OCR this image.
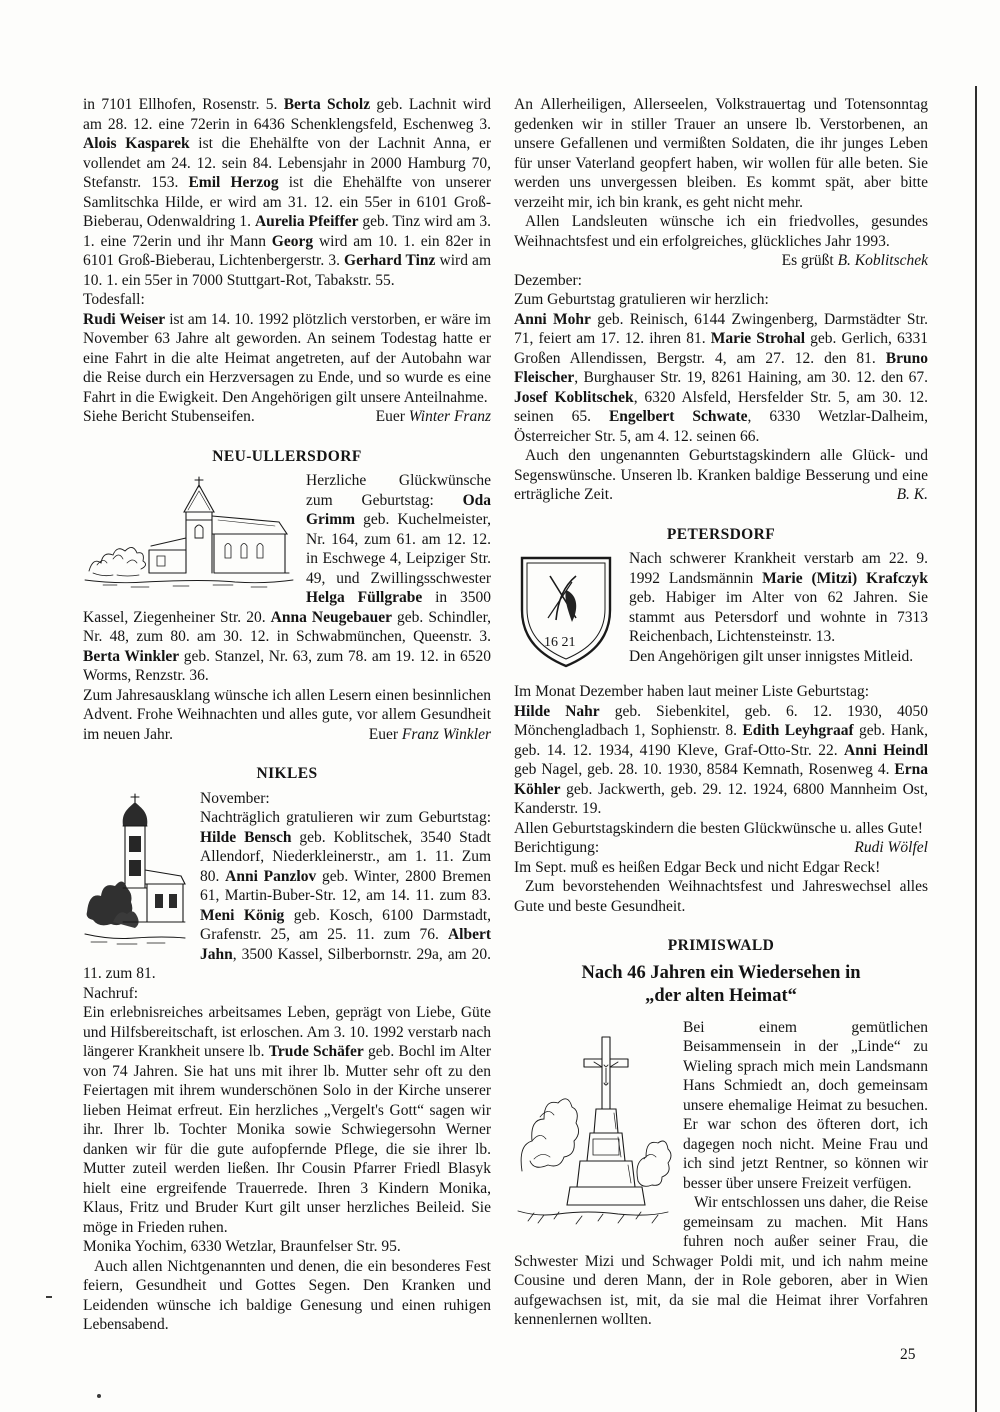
in 7101 Ellhofen, Rosenstr. 5. Berta Scholz geb. Lachnit wird am 28. 12. eine 72erin in 6436 Schenklengsfeld, Eschenweg 3. Alois Kasparek ist die Ehehälfte von der Lachnit Anna, er vollendet am 24. 12. sein 84. Lebensjahr in 2000 Hamburg 70, Stefanstr. 153. Emil Herzog ist die Ehehälfte von unserer Samlitschka Hilde, er wird am 31. 12. ein 55er in 6101 Groß-Bieberau, Odenwaldring 1. Aurelia Pfeiffer geb. Tinz wird am 3. 1. eine 72erin und ihr Mann Georg wird am 10. 1. ein 82er in 6101 Groß-Bieberau, Lichtenbergerstr. 3. Gerhard Tinz wird am 10. 1. ein 55er in 7000 Stuttgart-Rot, Tabakstr. 55.

Todesfall:

Rudi Weiser ist am 14. 10. 1992 plötzlich verstorben, er wäre im November 63 Jahre alt geworden. An seinem Todestag hatte er eine Fahrt in die alte Heimat angetreten, auf der Autobahn war die Reise durch ein Herzversagen zu Ende, und so wurde es eine Fahrt in die Ewigkeit. Den Angehörigen gilt unsere Anteilnahme.

Euer Winter Franz
Siehe Bericht Stubenseifen.

NEU-ULLERSDORF

Herzliche Glückwünsche zum Geburtstag: Oda Grimm geb. Kuchelmeister, Nr. 164, zum 61. am 12. 12. in Eschwege 4, Leipziger Str. 49, und Zwillingsschwester Helga Füllgrabe in 3500 Kassel, Ziegenheiner Str. 20. Anna Neugebauer geb. Schindler, Nr. 48, zum 80. am 30. 12. in Schwabmünchen, Queenstr. 3. Berta Winkler geb. Stanzel, Nr. 63, zum 78. am 19. 12. in 6520 Worms, Renzstr. 36.

Zum Jahresausklang wünsche ich allen Lesern einen besinnlichen Advent. Frohe Weihnachten und alles gute, vor allem Gesundheit im neuen Jahr.	Euer Franz Winkler

NIKLES

November:

Nachträglich gratulieren wir zum Geburtstag: Hilde Bensch geb. Koblitschek, 3540 Stadt Allendorf, Niederkleinerstr., am 1. 11. Zum 80. Anni Panzlov geb. Winter, 2800 Bremen 61, Martin-Buber-Str. 12, am 14. 11. zum 83. Meni König geb. Kosch, 6100 Darmstadt, Grafenstr. 25, am 25. 11. zum 76. Albert Jahn, 3500 Kassel, Silberbornstr. 29a, am 20. 11. zum 81.

Nachruf:

Ein erlebnisreiches arbeitsames Leben, geprägt von Liebe, Güte und Hilfsbereitschaft, ist erloschen. Am 3. 10. 1992 verstarb nach längerer Krankheit unsere lb. Trude Schäfer geb. Bochl im Alter von 74 Jahren. Sie hat uns mit ihrer lb. Mutter sehr oft zu den Feiertagen mit ihrem wunderschönen Solo in der Kirche unserer lieben Heimat erfreut. Ein herzliches „Vergelt's Gott“ sagen wir ihr. Ihrer lb. Tochter Monika sowie Schwiegersohn Werner danken wir für die gute aufopfernde Pflege, die sie ihrer lb. Mutter zuteil werden ließen. Ihr Cousin Pfarrer Friedl Blasyk hielt eine ergreifende Trauerrede. Ihren 3 Kindern Monika, Klaus, Fritz und Bruder Kurt gilt unser herzliches Beileid. Sie möge in Frieden ruhen.

Monika Yochim, 6330 Wetzlar, Braunfelser Str. 95.

Auch allen Nichtgenannten und denen, die ein besonderes Fest feiern, Gesundheit und Gottes Segen. Den Kranken und Leidenden wünsche ich baldige Genesung und einen ruhigen Lebensabend.

An Allerheiligen, Allerseelen, Volkstrauertag und Totensonntag gedenken wir in stiller Trauer an unsere lb. Verstorbenen, an unsere Gefallenen und vermißten Soldaten, die ihr junges Leben für unser Vaterland geopfert haben, wir wollen für alle beten. Sie werden uns unvergessen bleiben. Es kommt spät, aber bitte verzeiht mir, ich bin krank, es geht nicht mehr.

Allen Landsleuten wünsche ich ein friedvolles, gesundes Weihnachtsfest und ein erfolgreiches, glückliches Jahr 1993.

Es grüßt B. Koblitschek

Dezember:

Zum Geburtstag gratulieren wir herzlich:

Anni Mohr geb. Reinisch, 6144 Zwingenberg, Darmstädter Str. 71, feiert am 17. 12. ihren 81. Marie Strohal geb. Gerlich, 6331 Großen Allendissen, Bergstr. 4, am 27. 12. den 81. Bruno Fleischer, Burghauser Str. 19, 8261 Haining, am 30. 12. den 67. Josef Koblitschek, 6320 Alsfeld, Hersfelder Str. 5, am 30. 12. seinen 65. Engelbert Schwate, 6330 Wetzlar-Dalheim, Österreicher Str. 5, am 4. 12. seinen 66.

Auch den ungenannten Geburtstagskindern alle Glück- und Segenswünsche. Unseren lb. Kranken baldige Besserung und eine erträgliche Zeit.	B. K.

PETERSDORF

16 21

Nach schwerer Krankheit verstarb am 22. 9. 1992 Landsmännin Marie (Mitzi) Krafczyk geb. Habiger im Alter von 62 Jahren. Sie stammt aus Petersdorf und wohnte in 7313 Reichenbach, Lichtensteinstr. 13.

Den Angehörigen gilt unser innigstes Mitleid.

Im Monat Dezember haben laut meiner Liste Geburtstag:

Hilde Nahr geb. Siebenkitel, geb. 6. 12. 1930, 4050 Mönchengladbach 1, Sophienstr. 8. Edith Leyhgraaf geb. Hank, geb. 14. 12. 1934, 4190 Kleve, Graf-Otto-Str. 22. Anni Heindl geb Nagel, geb. 28. 10. 1930, 8584 Kemnath, Rosenweg 4. Erna Köhler geb. Jackwerth, geb. 29. 12. 1924, 6800 Mannheim Ost, Kanderstr. 19.

Allen Geburtstagskindern die besten Glückwünsche u. alles Gute!
Rudi Wölfel

Berichtigung:

Im Sept. muß es heißen Edgar Beck und nicht Edgar Reck!

Zum bevorstehenden Weihnachtsfest und Jahreswechsel alles Gute und beste Gesundheit.

PRIMISWALD

Nach 46 Jahren ein Wiedersehen in
„der alten Heimat“

Bei einem gemütlichen Beisammensein in der „Linde“ zu Wieling sprach mich mein Landsmann Hans Schmiedt an, doch gemeinsam unsere ehemalige Heimat zu besuchen. Er war schon des öfteren dort, ich dagegen noch nicht. Meine Frau und ich sind jetzt Rentner, so können wir besser über unsere Freizeit verfügen.

Wir entschlossen uns daher, die Reise gemeinsam zu machen. Mit Hans fuhren noch außer seiner Frau, die Schwester Mizi und Schwager Poldi mit, und ich nahm meine Cousine und deren Mann, der in Role geboren, aber in Wien aufgewachsen ist, mit, da sie mal die Heimat ihrer Vorfahren kennenlernen wollten.

25
